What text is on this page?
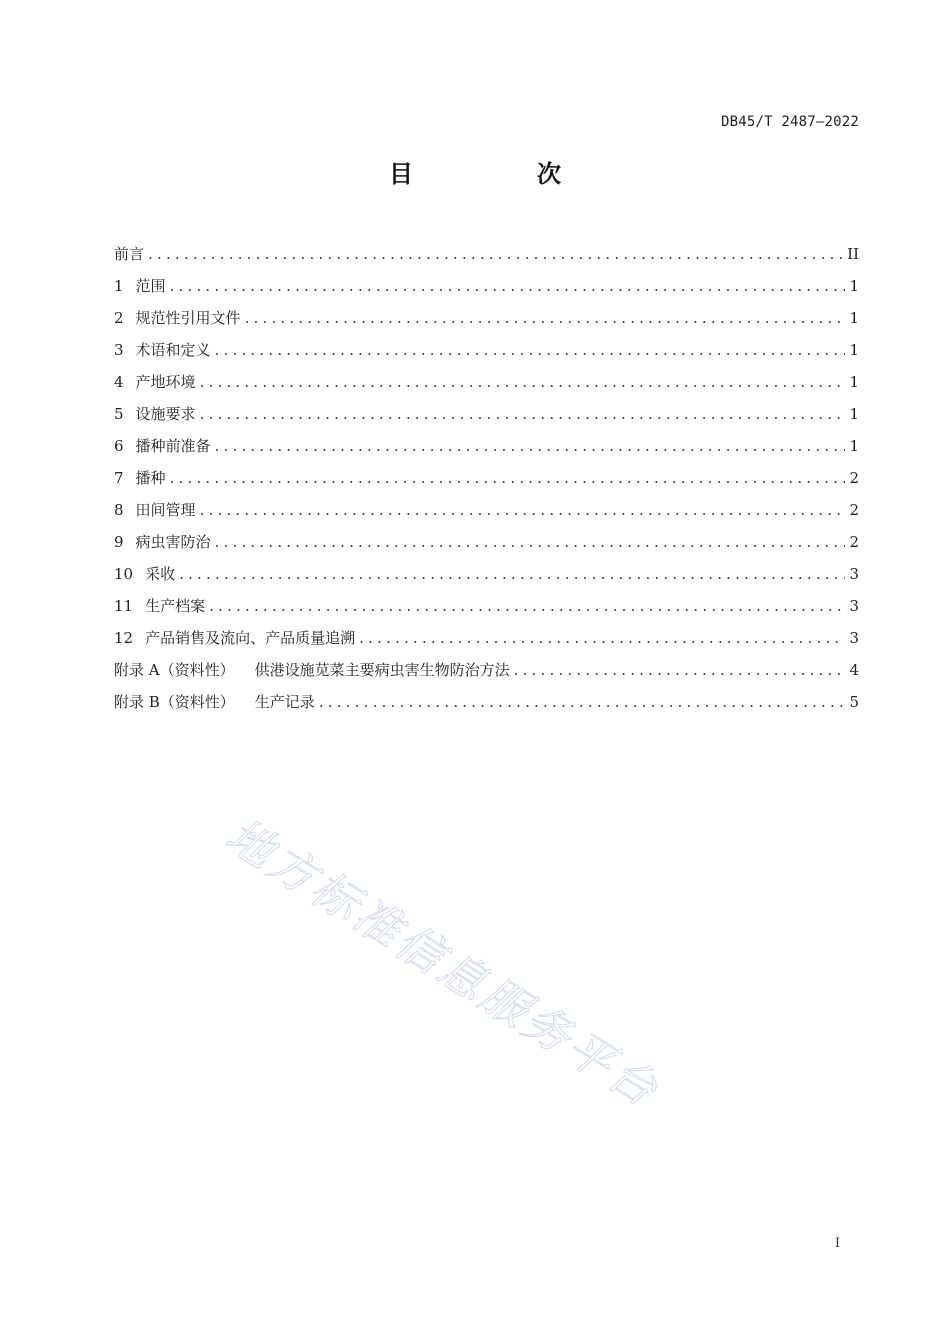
DB45/T 2487—2022
目　次
前言 .....	II
1 范围 .....	1
2 规范性引用文件 .....	1
3 术语和定义 .....	1
4 产地环境 .....	1
5 设施要求 .....	1
6 播种前准备 .....	1
7 播种 .....	2
8 田间管理 .....	2
9 病虫害防治 .....	2
10 采收 .....	3
11 生产档案 .....	3
12 产品销售及流向、产品质量追溯 .....	3
附录 A（资料性）	供港设施苋菜主要病虫害生物防治方法 .....	4
附录 B（资料性）	生产记录 .....	5
地方标准信息服务平台
I
